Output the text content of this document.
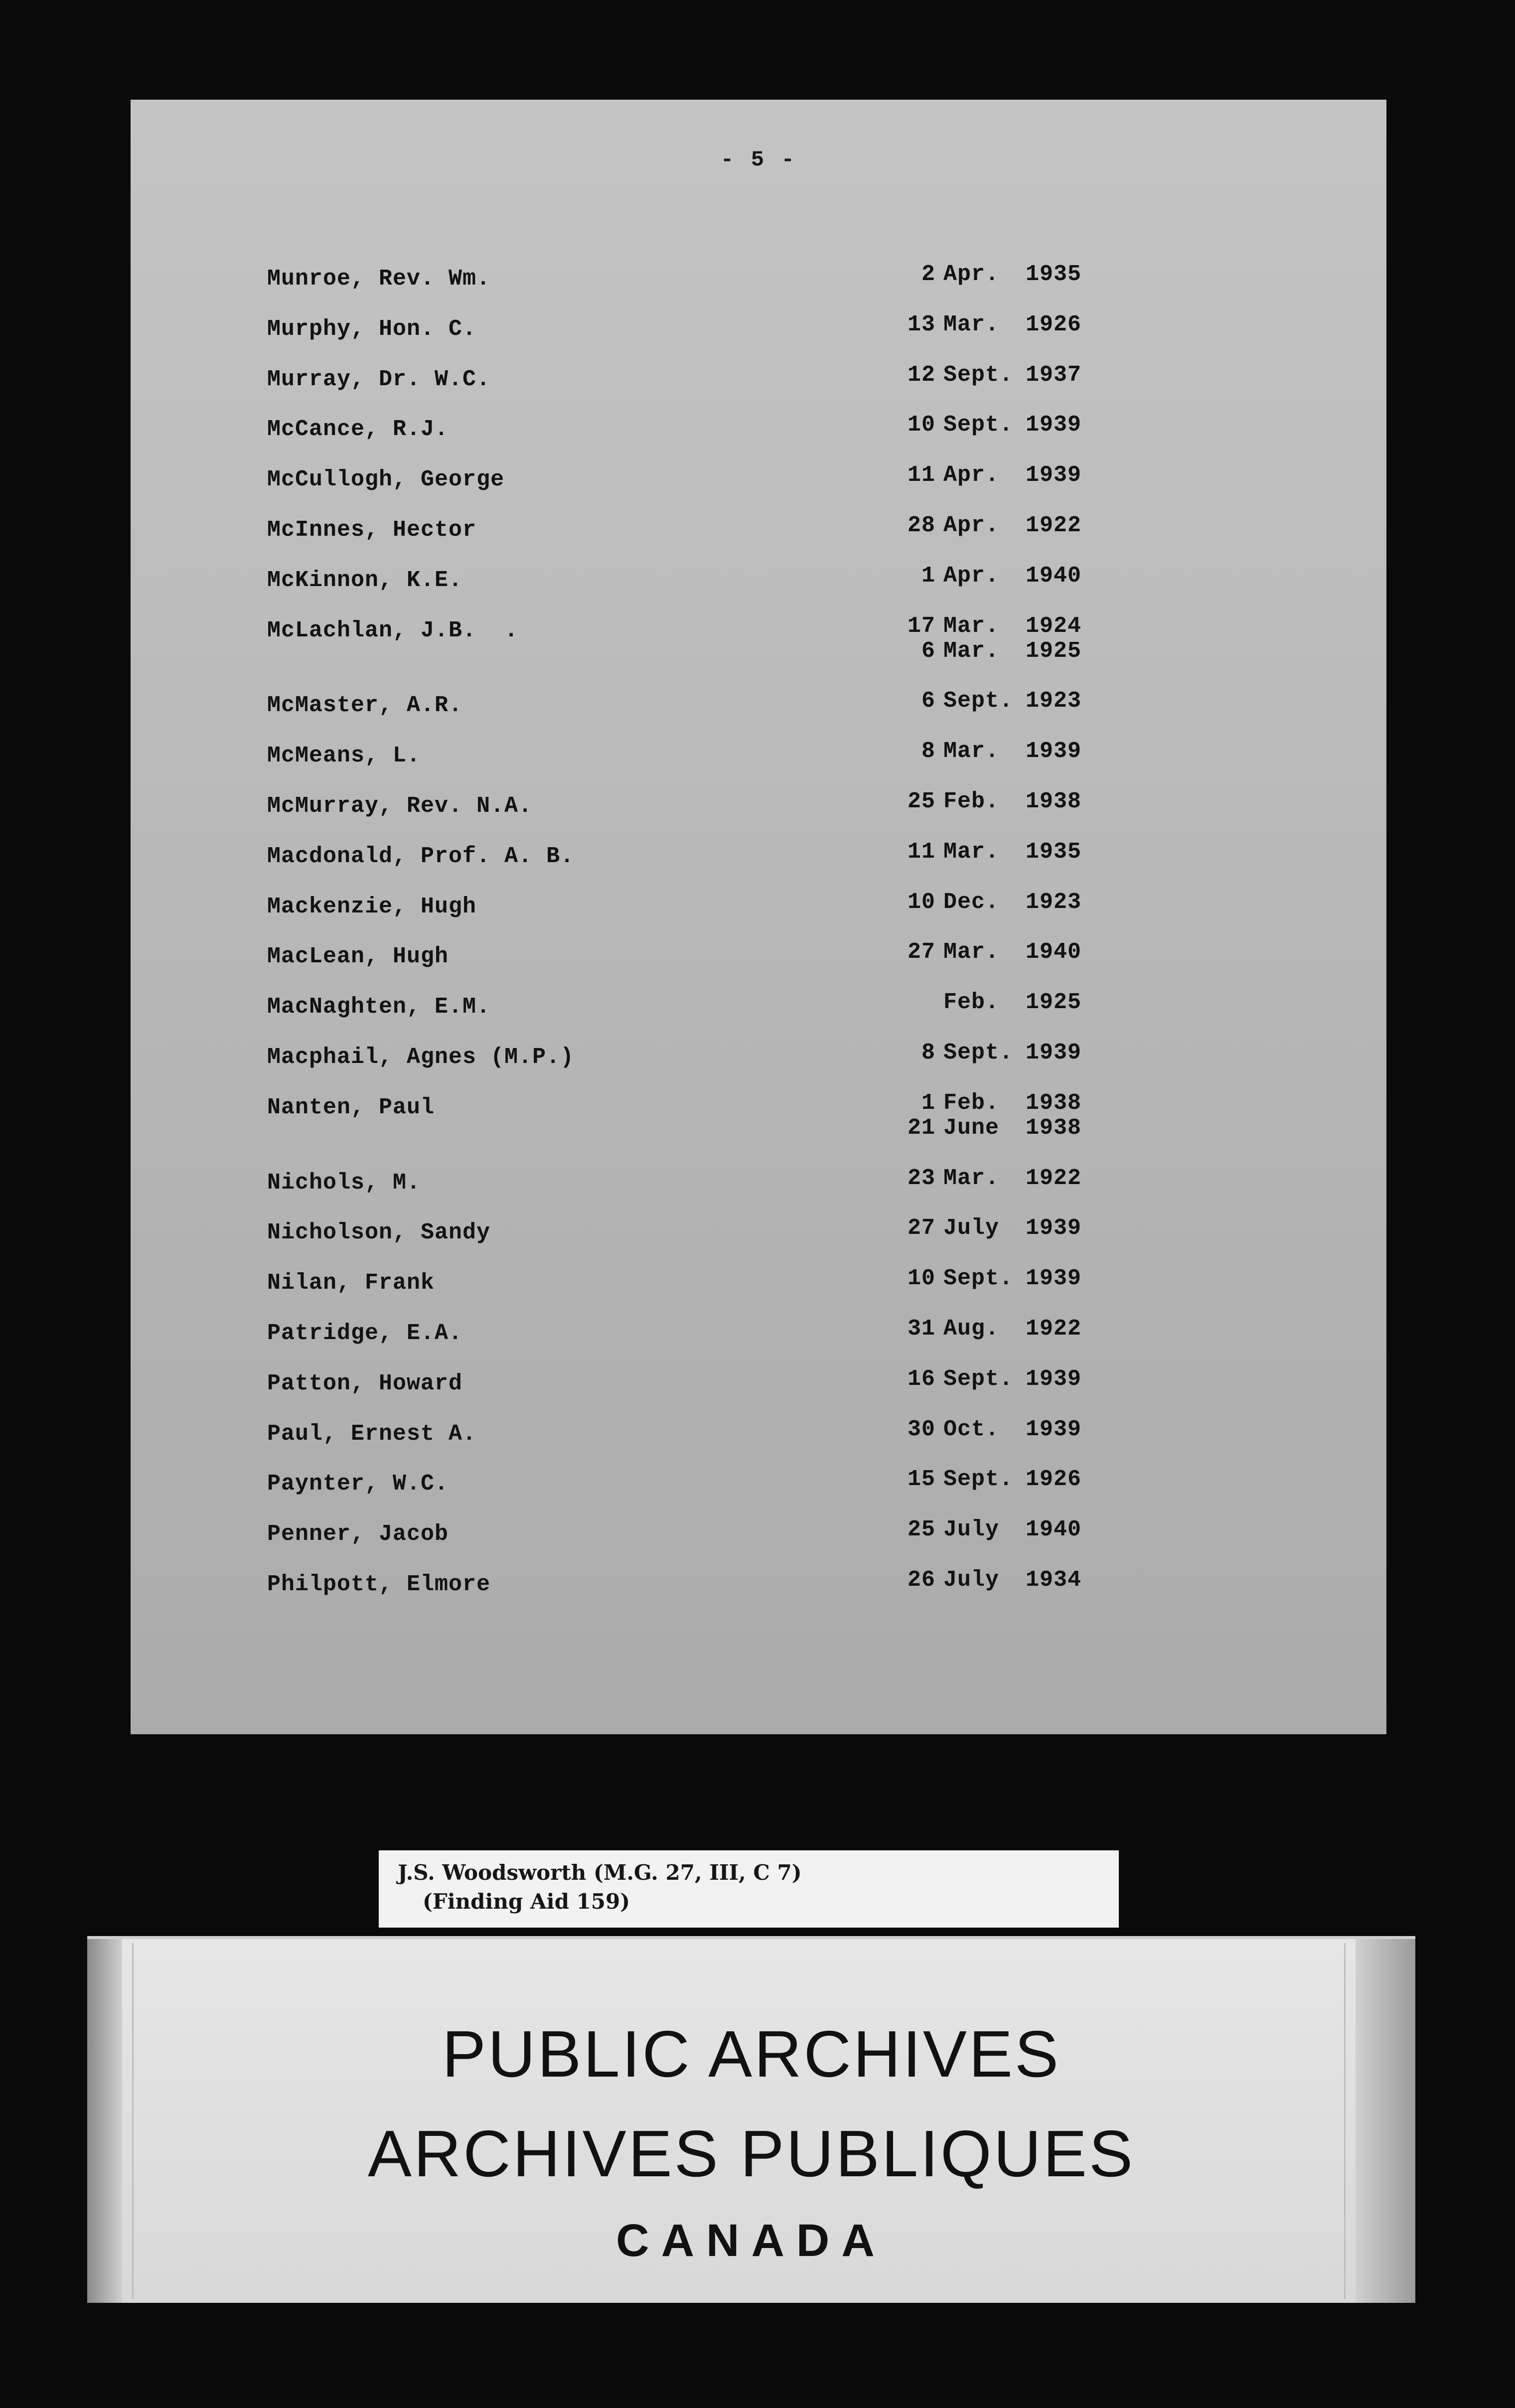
- 5 -
Munroe, Rev. Wm.	2 Apr. 1935
Murphy, Hon. C.	13 Mar. 1926
Murray, Dr. W.C.	12 Sept. 1937
McCance, R.J.	10 Sept. 1939
McCullogh, George	11 Apr. 1939
McInnes, Hector	28 Apr. 1922
McKinnon, K.E.	1 Apr. 1940
McLachlan, J.B.  .	17 Mar. 1924
6 Mar. 1925
McMaster, A.R.	6 Sept. 1923
McMeans, L.	8 Mar. 1939
McMurray, Rev. N.A.	25 Feb. 1938
Macdonald, Prof. A. B.	11 Mar. 1935
Mackenzie, Hugh	10 Dec. 1923
MacLean, Hugh	27 Mar. 1940
MacNaghten, E.M.	Feb. 1925
Macphail, Agnes (M.P.)	8 Sept. 1939
Nanten, Paul	1 Feb. 1938
21 June 1938
Nichols, M.	23 Mar. 1922
Nicholson, Sandy	27 July 1939
Nilan, Frank	10 Sept. 1939
Patridge, E.A.	31 Aug. 1922
Patton, Howard	16 Sept. 1939
Paul, Ernest A.	30 Oct. 1939
Paynter, W.C.	15 Sept. 1926
Penner, Jacob	25 July 1940
Philpott, Elmore	26 July 1934
J.S. Woodsworth (M.G. 27, III, C 7)
(Finding Aid 159)
PUBLIC ARCHIVES
ARCHIVES PUBLIQUES
CANADA
